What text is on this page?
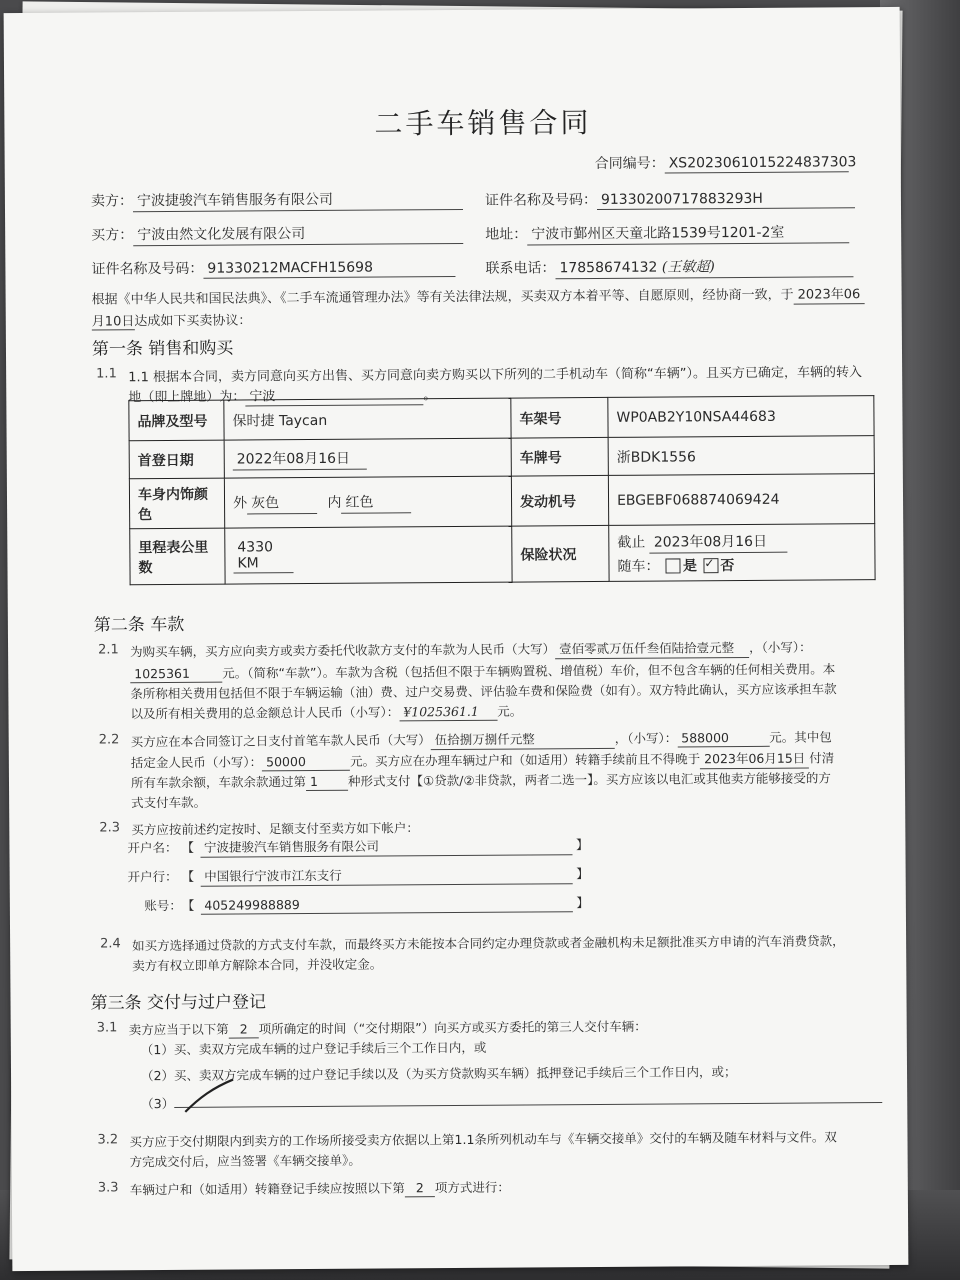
二手车销售合同
合同编号： XS2023061015224837303
卖方： 宁波捷骏汽车销售服务有限公司	证件名称及号码： 91330200717883293H
买方： 宁波由然文化发展有限公司	地址： 宁波市鄞州区天童北路1539号1201-2室
证件名称及号码： 91330212MACFH15698	联系电话： 17858674132 (王敏超)
根据《中华人民共和国民法典》、《二手车流通管理办法》等有关法律法规，买卖双方本着平等、自愿原则，经协商一致，于 2023年06
月10日达成如下买卖协议：
第一条 销售和购买
1.1 1.1 根据本合同，卖方同意向买方出售、买方同意向卖方购买以下所列的二手机动车（简称“车辆”）。且买方已确定，车辆的转入
地（即上牌地）为： 宁波	。
品牌及型号	保时捷 Taycan	车架号	WP0AB2Y10NSA44683
首登日期	2022年08月16日	车牌号	浙BDK1556
车身内饰颜色	外 灰色 内 红色	发动机号	EBGEBF068874069424
里程表公里数	4330 KM	保险状况	截止 2023年08月16日
随车： 是 ✓ 否
第二条 车款
2.1 为购买车辆，买方应向卖方或卖方委托代收款方支付的车款为人民币（大写） 壹佰零贰万伍仟叁佰陆拾壹元整 ，（小写）：
1025361	元。（简称“车款”）。车款为含税（包括但不限于车辆购置税、增值税）车价，但不包含车辆的任何相关费用。本
条所称相关费用包括但不限于车辆运输（油）费、过户交易费、评估验车费和保险费（如有）。双方特此确认，买方应该承担车款
以及所有相关费用的总金额总计人民币（小写）： ¥1025361.1 元。
2.2 买方应在本合同签订之日支付首笔车款人民币（大写） 伍拾捌万捌仟元整	，（小写）： 588000	元。其中包
括定金人民币（小写）： 50000	元。买方应在办理车辆过户和（如适用）转籍手续前且不得晚于 2023年06月15日 付清
所有车款余额，车款余款通过第 1 种形式支付【①贷款/②非贷款，两者二选一】。买方应该以电汇或其他卖方能够接受的方
式支付车款。
2.3 买方应按前述约定按时、足额支付至卖方如下帐户：
开户名： 【 宁波捷骏汽车销售服务有限公司	】
开户行： 【 中国银行宁波市江东支行	】
账号：【 405249988889	】
2.4 如买方选择通过贷款的方式支付车款，而最终买方未能按本合同约定办理贷款或者金融机构未足额批准买方申请的汽车消费贷款，
卖方有权立即单方解除本合同，并没收定金。
第三条 交付与过户登记
3.1 卖方应当于以下第 2 项所确定的时间（“交付期限”）向买方或买方委托的第三人交付车辆：
（1）买、卖双方完成车辆的过户登记手续后三个工作日内，或
（2）买、卖双方完成车辆的过户登记手续以及（为买方贷款购买车辆）抵押登记手续后三个工作日内，或；
（3）
3.2 买方应于交付期限内到卖方的工作场所接受卖方依据以上第1.1条所列机动车与《车辆交接单》交付的车辆及随车材料与文件。双
方完成交付后，应当签署《车辆交接单》。
3.3 车辆过户和（如适用）转籍登记手续应按照以下第 2 项方式进行：
